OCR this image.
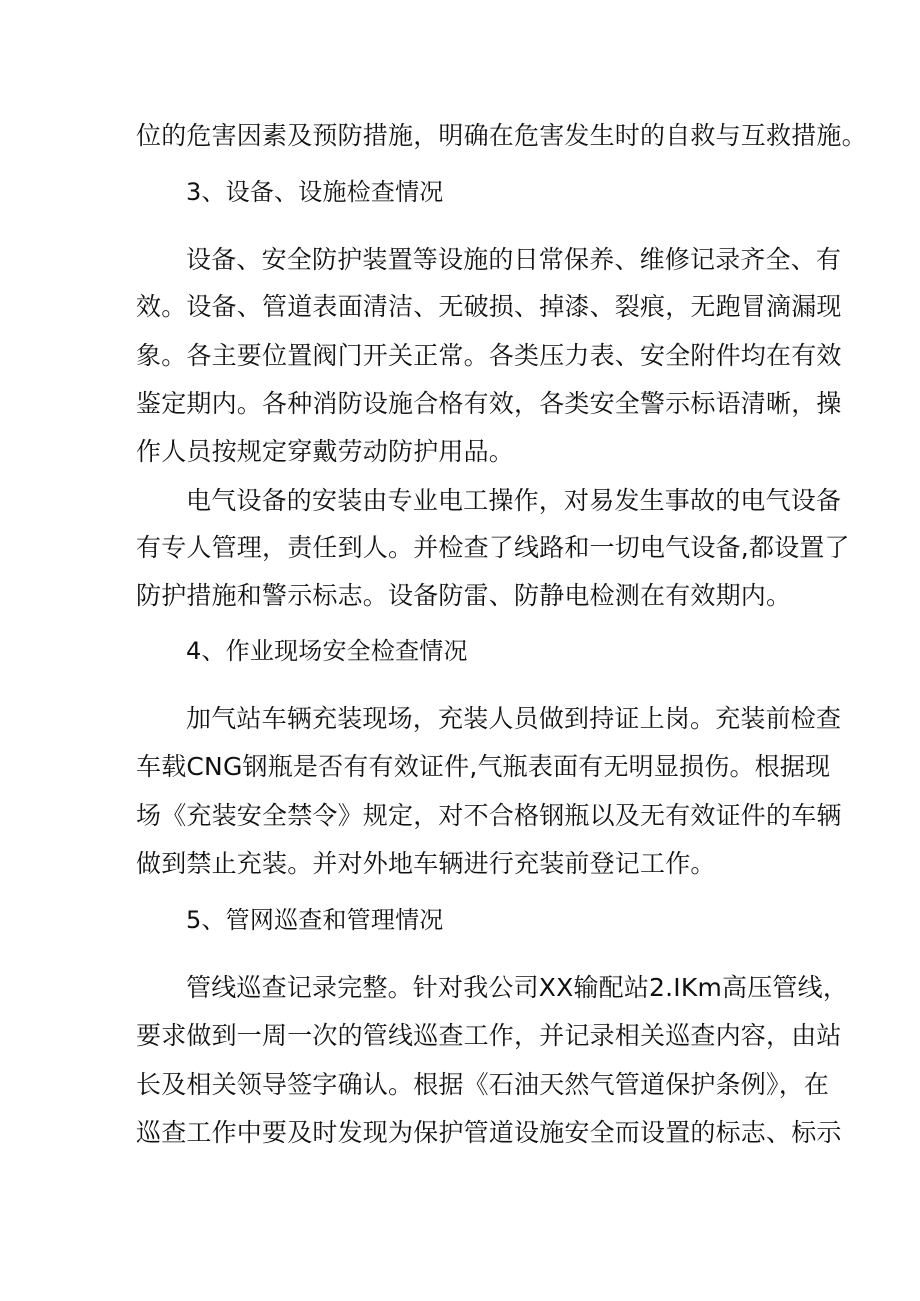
位的危害因素及预防措施，明确在危害发生时的自救与互救措施。
3、设备、设施检查情况
设备、安全防护装置等设施的日常保养、维修记录齐全、有
效。设备、管道表面清洁、无破损、掉漆、裂痕，无跑冒滴漏现
象。各主要位置阀门开关正常。各类压力表、安全附件均在有效
鉴定期内。各种消防设施合格有效，各类安全警示标语清晰，操
作人员按规定穿戴劳动防护用品。
电气设备的安装由专业电工操作，对易发生事故的电气设备
有专人管理，责任到人。并检查了线路和一切电气设备,都设置了
防护措施和警示标志。设备防雷、防静电检测在有效期内。
4、作业现场安全检查情况
加气站车辆充装现场，充装人员做到持证上岗。充装前检查
车载CNG钢瓶是否有有效证件,气瓶表面有无明显损伤。根据现
场《充装安全禁令》规定，对不合格钢瓶以及无有效证件的车辆
做到禁止充装。并对外地车辆进行充装前登记工作。
5、管网巡查和管理情况
管线巡查记录完整。针对我公司XX输配站2.IKm高压管线，
要求做到一周一次的管线巡查工作，并记录相关巡查内容，由站
长及相关领导签字确认。根据《石油天然气管道保护条例》，在
巡查工作中要及时发现为保护管道设施安全而设置的标志、标示
